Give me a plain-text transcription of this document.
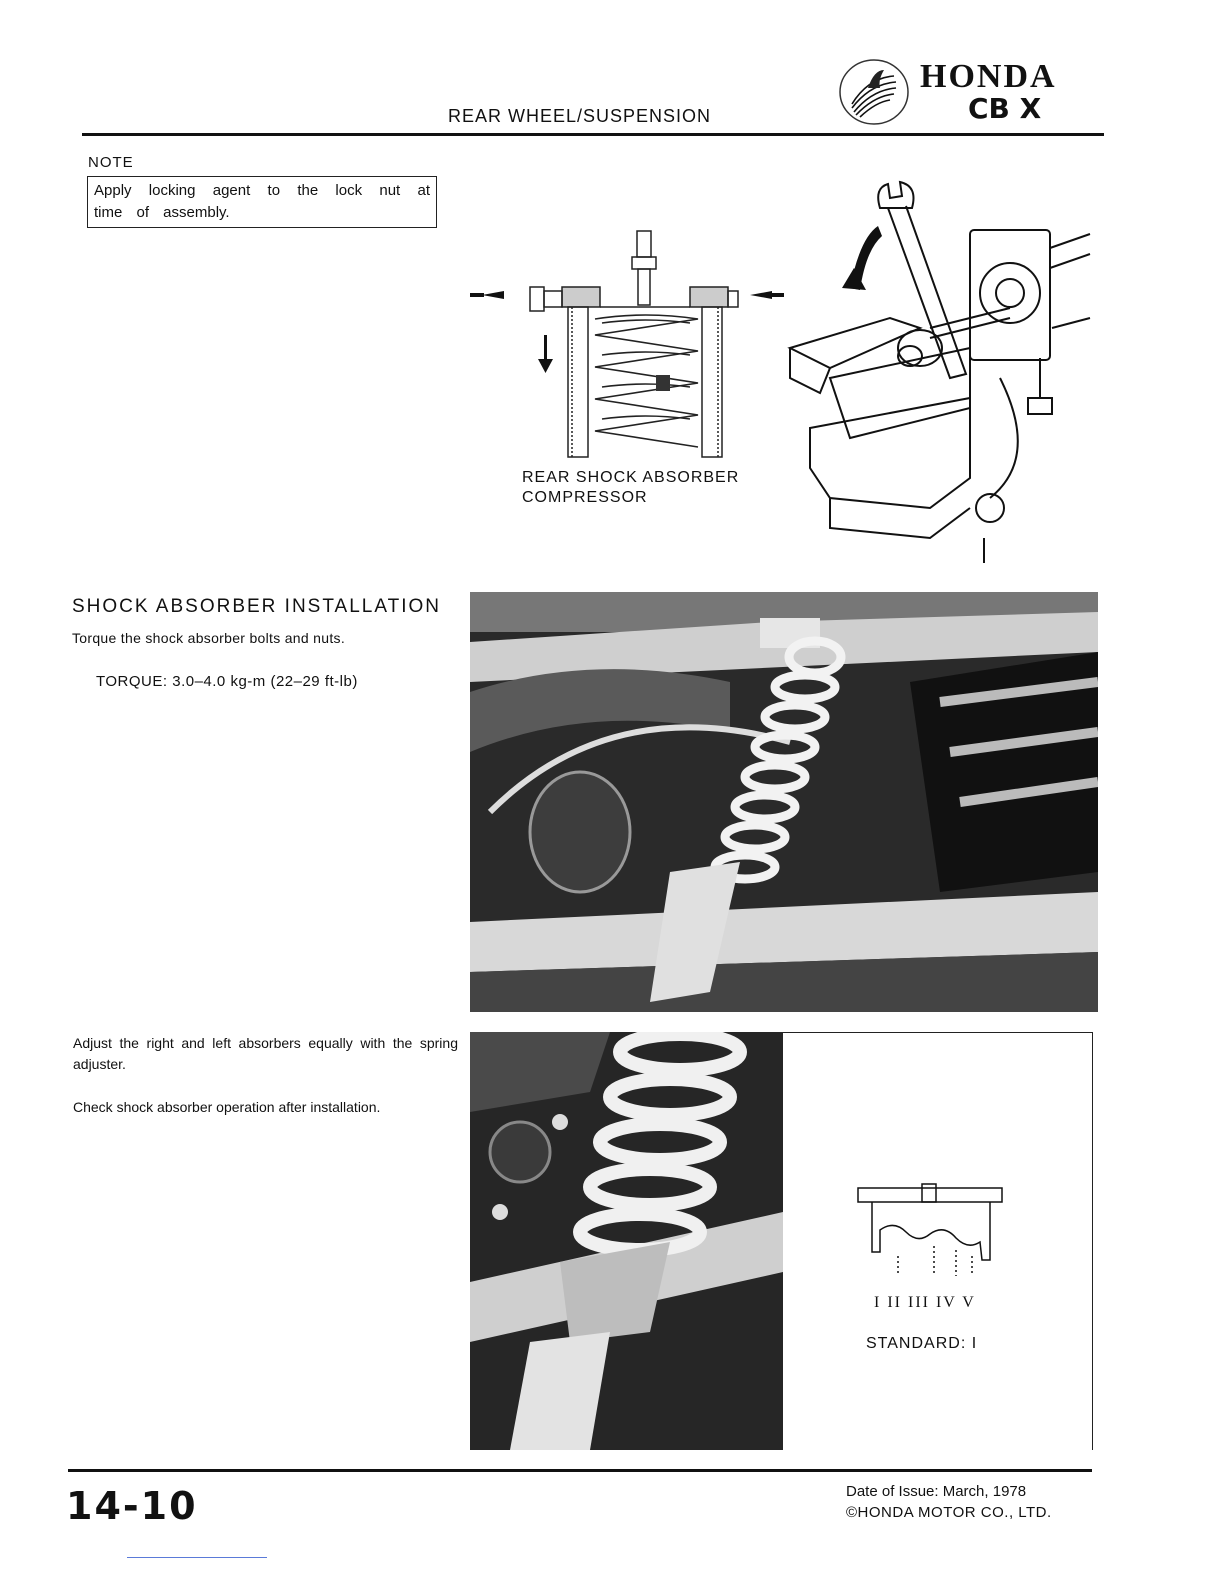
REAR WHEEL/SUSPENSION
HONDA
CB X
NOTE
Apply locking agent to the lock nut at time of assembly.
REAR SHOCK ABSORBER
COMPRESSOR
SHOCK ABSORBER INSTALLATION
Torque the shock absorber bolts and nuts.
TORQUE: 3.0–4.0 kg-m (22–29 ft-lb)
Adjust the right and left absorbers equally with the spring adjuster.
Check shock absorber operation after installation.
I II III IV V
STANDARD: I
14-10	Date of Issue: March, 1978
©HONDA MOTOR CO., LTD.
